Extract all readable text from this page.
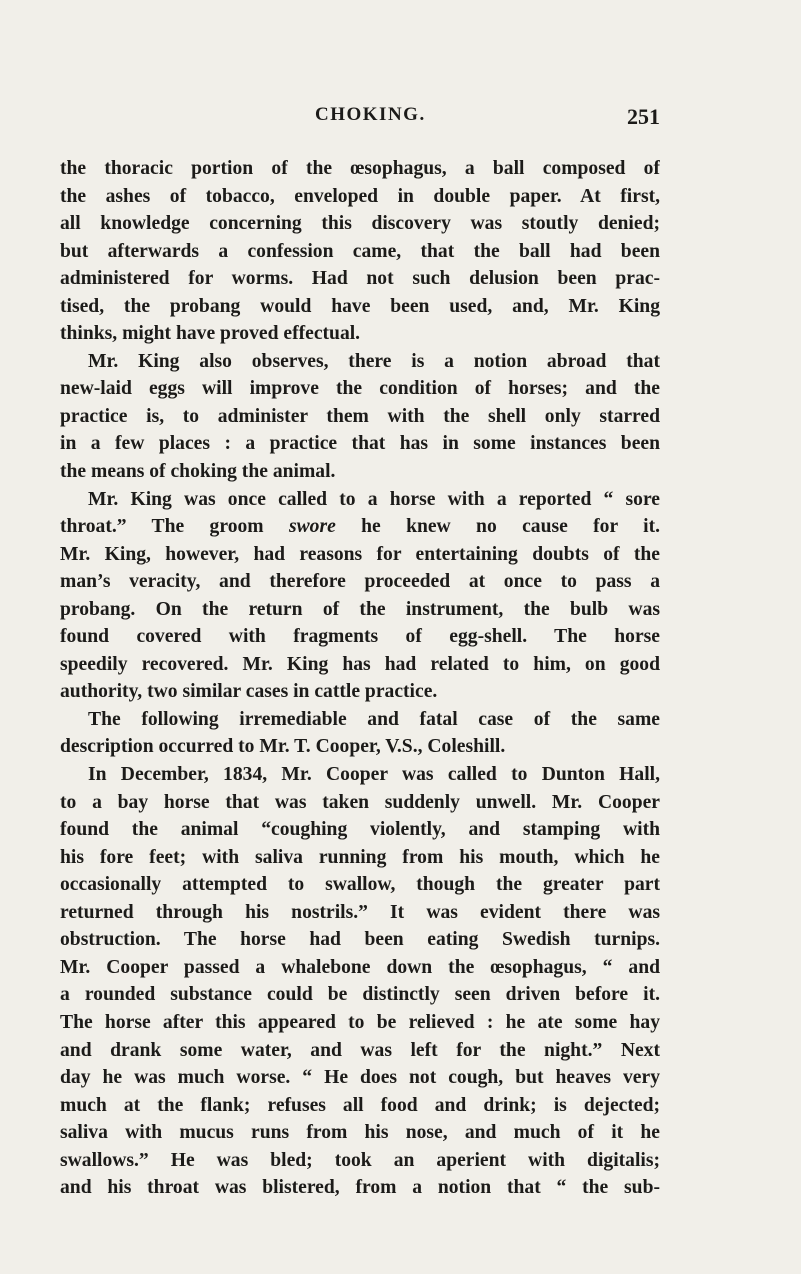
CHOKING.	251
the thoracic portion of the œsophagus, a ball composed of
the ashes of tobacco, enveloped in double paper. At first,
all knowledge concerning this discovery was stoutly denied;
but afterwards a confession came, that the ball had been
administered for worms. Had not such delusion been prac-
tised, the probang would have been used, and, Mr. King
thinks, might have proved effectual.
Mr. King also observes, there is a notion abroad that
new-laid eggs will improve the condition of horses; and the
practice is, to administer them with the shell only starred
in a few places : a practice that has in some instances been
the means of choking the animal.
Mr. King was once called to a horse with a reported “ sore
throat.” The groom swore he knew no cause for it.
Mr. King, however, had reasons for entertaining doubts of the
man’s veracity, and therefore proceeded at once to pass a
probang. On the return of the instrument, the bulb was
found covered with fragments of egg-shell. The horse
speedily recovered. Mr. King has had related to him, on good
authority, two similar cases in cattle practice.
The following irremediable and fatal case of the same
description occurred to Mr. T. Cooper, V.S., Coleshill.
In December, 1834, Mr. Cooper was called to Dunton Hall,
to a bay horse that was taken suddenly unwell. Mr. Cooper
found the animal “coughing violently, and stamping with
his fore feet; with saliva running from his mouth, which he
occasionally attempted to swallow, though the greater part
returned through his nostrils.” It was evident there was
obstruction. The horse had been eating Swedish turnips.
Mr. Cooper passed a whalebone down the œsophagus, “ and
a rounded substance could be distinctly seen driven before it.
The horse after this appeared to be relieved : he ate some hay
and drank some water, and was left for the night.” Next
day he was much worse. “ He does not cough, but heaves very
much at the flank; refuses all food and drink; is dejected;
saliva with mucus runs from his nose, and much of it he
swallows.” He was bled; took an aperient with digitalis;
and his throat was blistered, from a notion that “ the sub-
